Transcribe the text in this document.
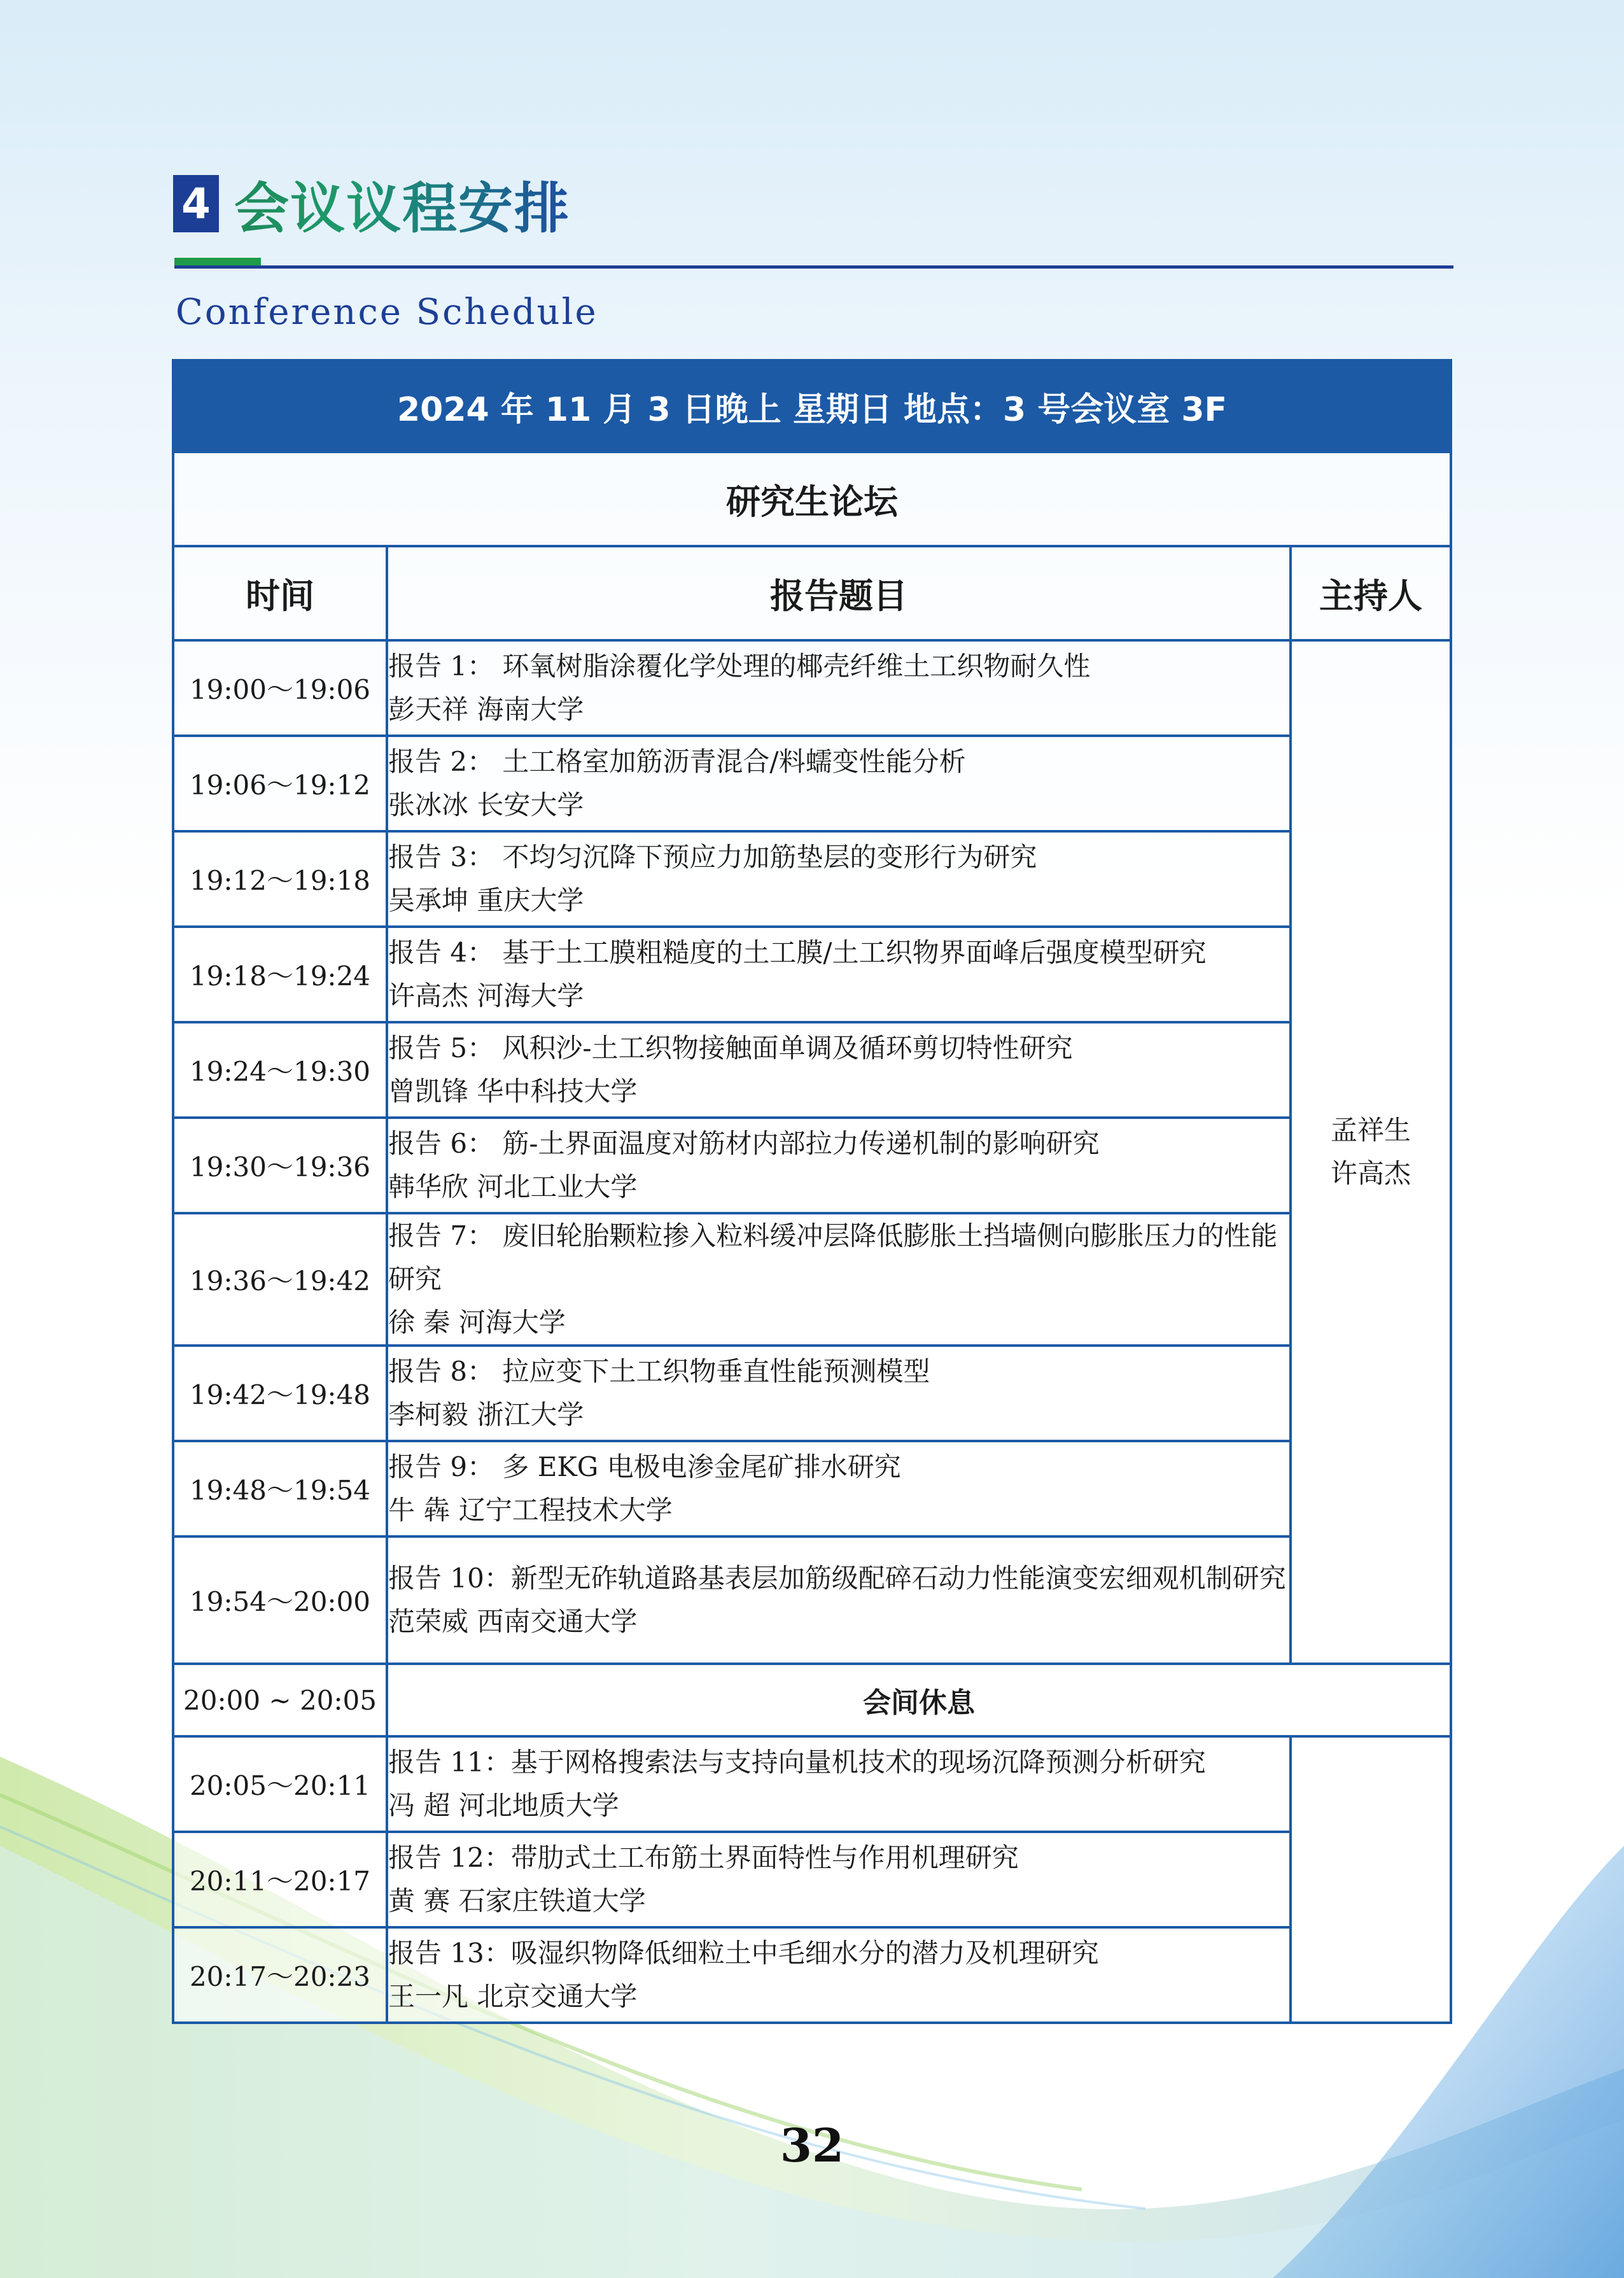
4 会议议程安排
Conference Schedule
2024 年 11 月 3 日晚上 星期日 地点：3 号会议室 3F		
研究生论坛		
时间	报告题目	主持人
19:00～19:06	报告 1： 环氧树脂涂覆化学处理的椰壳纤维土工织物耐久性
彭天祥 海南大学	孟祥生
许高杰

19:06～19:12	报告 2： 土工格室加筋沥青混合/料蠕变性能分析
张冰冰 长安大学	

19:12～19:18	报告 3： 不均匀沉降下预应力加筋垫层的变形行为研究
吴承坤 重庆大学	

19:18～19:24	报告 4： 基于土工膜粗糙度的土工膜/土工织物界面峰后强度模型研究
许高杰 河海大学	

19:24～19:30	报告 5： 风积沙-土工织物接触面单调及循环剪切特性研究
曾凯锋 华中科技大学	

19:30～19:36	报告 6： 筋-土界面温度对筋材内部拉力传递机制的影响研究
韩华欣 河北工业大学	

19:36～19:42	报告 7： 废旧轮胎颗粒掺入粒料缓冲层降低膨胀土挡墙侧向膨胀压力的性能研究
徐 秦 河海大学	

19:42～19:48	报告 8： 拉应变下土工织物垂直性能预测模型
李柯毅 浙江大学	

19:48～19:54	报告 9： 多 EKG 电极电渗金尾矿排水研究
牛 犇 辽宁工程技术大学	

19:54～20:00	报告 10：新型无砟轨道路基表层加筋级配碎石动力性能演变宏细观机制研究
范荣威 西南交通大学	

20:00 ~ 20:05	会间休息	
20:05～20:11	报告 11：基于网格搜索法与支持向量机技术的现场沉降预测分析研究
冯 超 河北地质大学	

20:11～20:17	报告 12：带肋式土工布筋土界面特性与作用机理研究
黄 赛 石家庄铁道大学	

20:17～20:23	报告 13：吸湿织物降低细粒土中毛细水分的潜力及机理研究
王一凡 北京交通大学	
32
